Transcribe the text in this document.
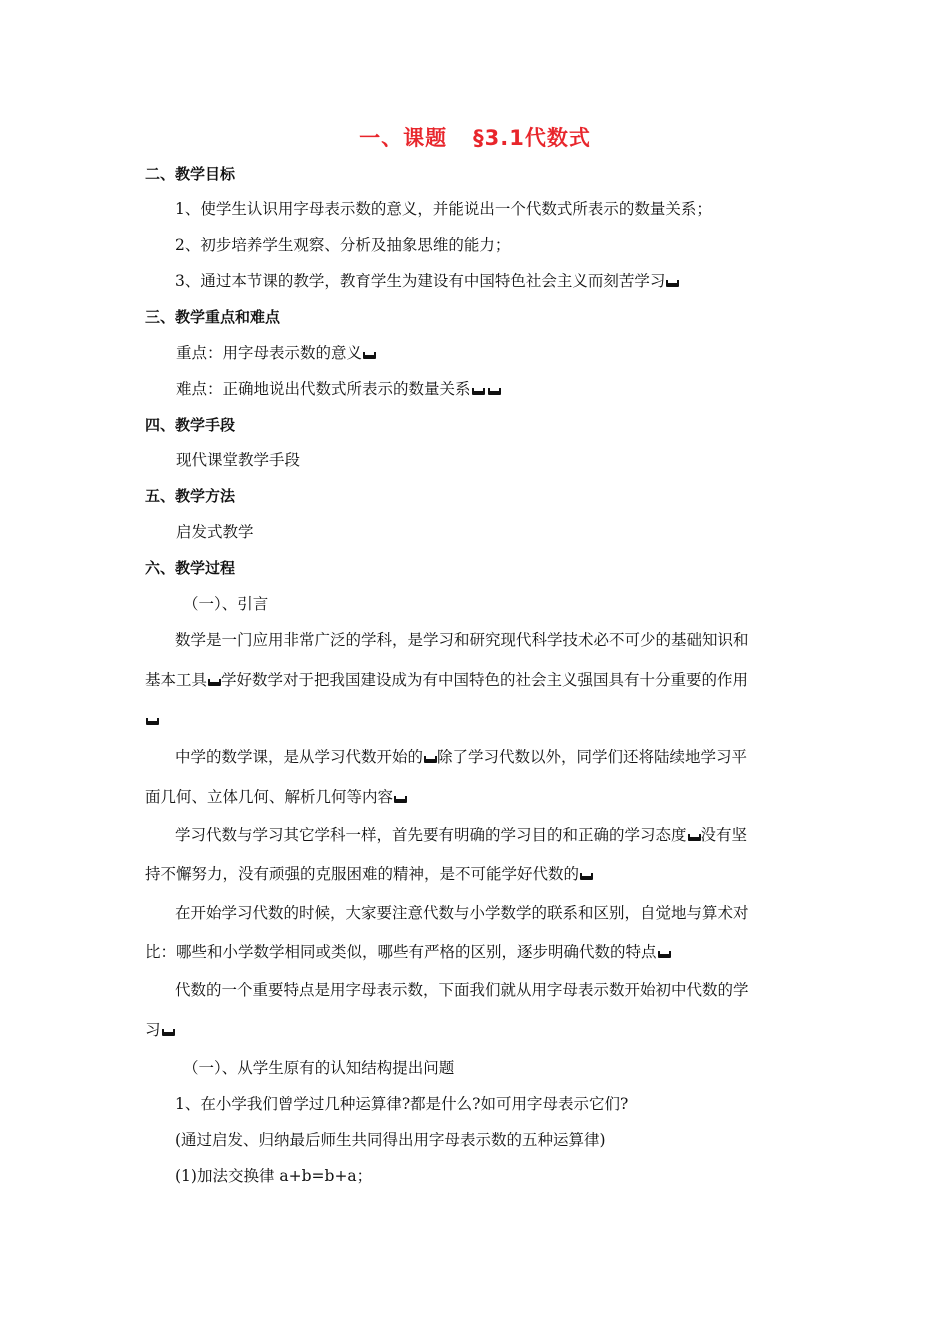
一、课题 §3.1代数式
二、教学目标
1、使学生认识用字母表示数的意义，并能说出一个代数式所表示的数量关系；
2、初步培养学生观察、分析及抽象思维的能力；
3、通过本节课的教学，教育学生为建设有中国特色社会主义而刻苦学习
三、教学重点和难点
重点：用字母表示数的意义
难点：正确地说出代数式所表示的数量关系
四、教学手段
现代课堂教学手段
五、教学方法
启发式教学
六、教学过程
（一）、引言
数学是一门应用非常广泛的学科，是学习和研究现代科学技术必不可少的基础知识和
基本工具 学好数学对于把我国建设成为有中国特色的社会主义强国具有十分重要的作用
中学的数学课，是从学习代数开始的 除了学习代数以外，同学们还将陆续地学习平
面几何、立体几何、解析几何等内容
学习代数与学习其它学科一样，首先要有明确的学习目的和正确的学习态度 没有坚
持不懈努力，没有顽强的克服困难的精神，是不可能学好代数的
在开始学习代数的时候，大家要注意代数与小学数学的联系和区别，自觉地与算术对
比：哪些和小学数学相同或类似，哪些有严格的区别，逐步明确代数的特点
代数的一个重要特点是用字母表示数，下面我们就从用字母表示数开始初中代数的学
习
（一）、从学生原有的认知结构提出问题
1、在小学我们曾学过几种运算律?都是什么?如可用字母表示它们?
(通过启发、归纳最后师生共同得出用字母表示数的五种运算律)
(1)加法交换律 a+b=b+a；
